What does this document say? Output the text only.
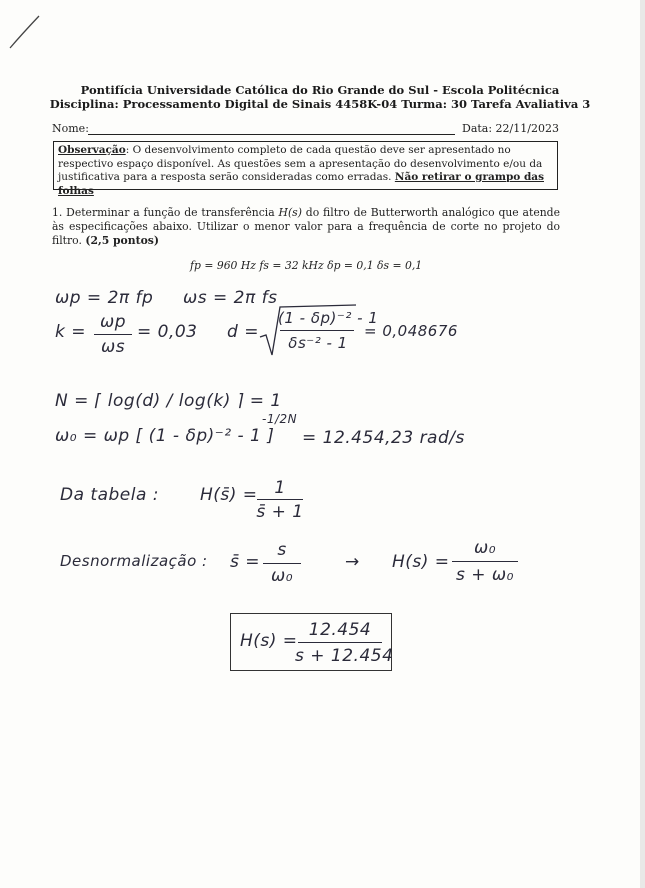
Pontifícia Universidade Católica do Rio Grande do Sul - Escola Politécnica
Disciplina: Processamento Digital de Sinais 4458K-04 Turma: 30 Tarefa Avaliativa 3
Nome:	Data: 22/11/2023
Observação: O desenvolvimento completo de cada questão deve ser apresentado no respectivo espaço disponível. As questões sem a apresentação do desenvolvimento e/ou da justificativa para a resposta serão consideradas como erradas. Não retirar o grampo das folhas
1. Determinar a função de transferência H(s) do filtro de Butterworth analógico que atende às especificações abaixo. Utilizar o menor valor para a frequência de corte no projeto do filtro. (2,5 pontos)
fp = 960 Hz fs = 32 kHz δp = 0,1 δs = 0,1
ωp = 2π fp ωs = 2π fs
k = ωp
ωs
= 0,03 d =
(1 - δp)⁻² - 1
δs⁻² - 1
= 0,048676
N = ⌈ log(d) / log(k) ⌉ = 1
ω₀ = ωp [ (1 - δp)⁻² - 1 ]
-1/2N
= 12.454,23 rad/s
Da tabela : H(s̄) = 1
s̄ + 1
Desnormalização : s̄ =
s
ω₀
→ H(s) =
ω₀
s + ω₀
H(s) =
12.454
s + 12.454
